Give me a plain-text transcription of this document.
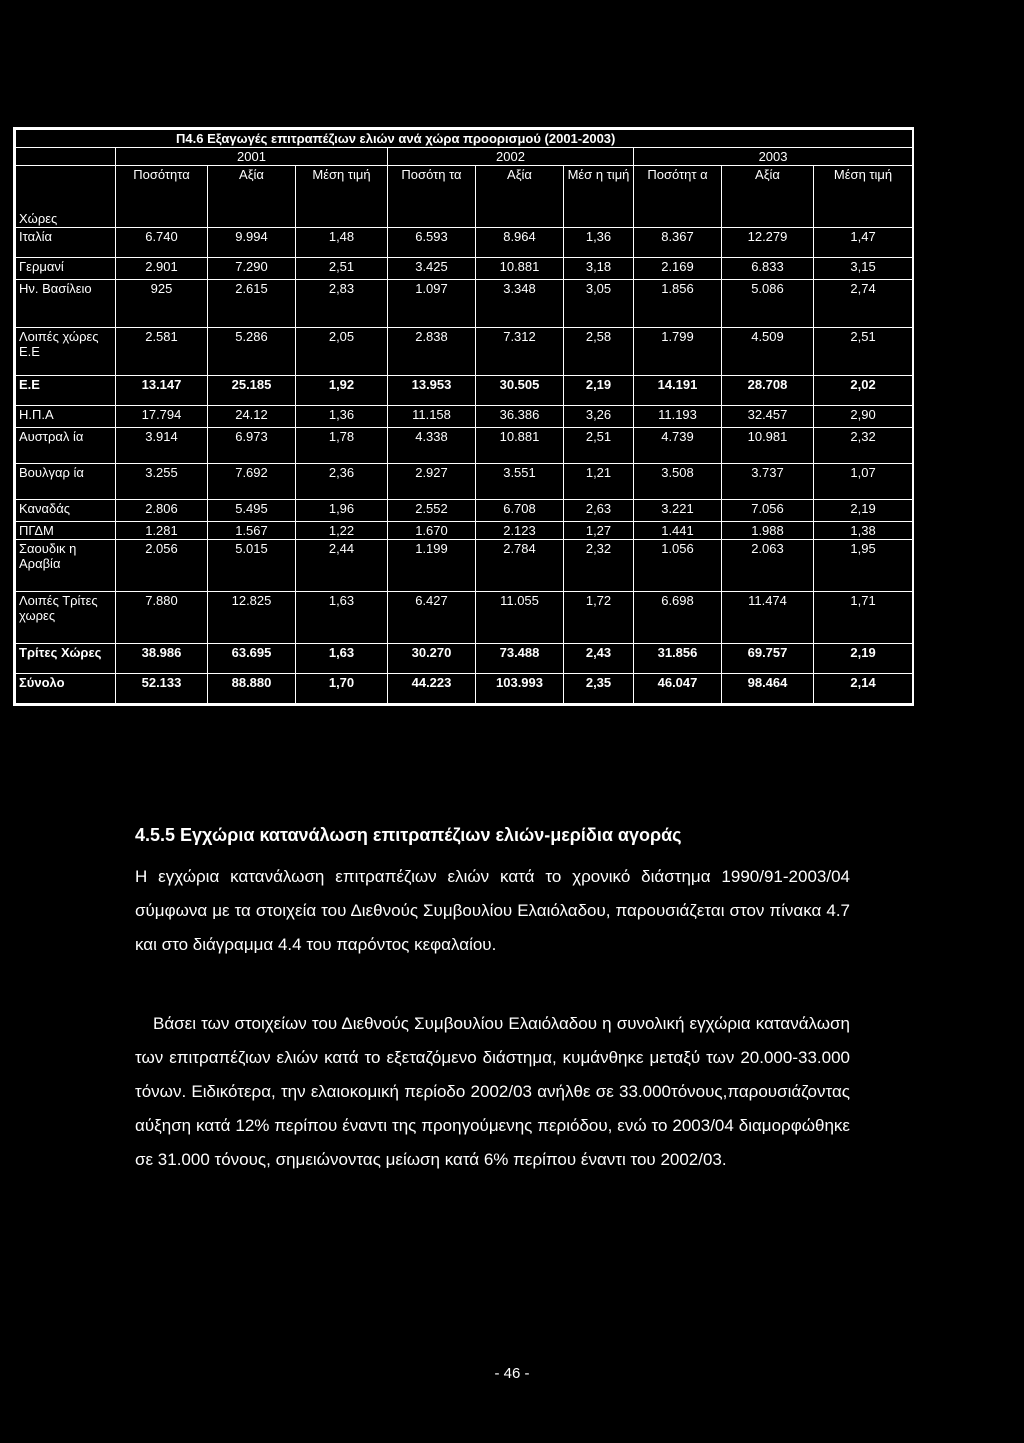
Π4.6 Εξαγωγές επιτραπέζιων ελιών ανά χώρα προορισμού (2001-2003)									
	2001			2002			2003		
Χώρες	Ποσότητα	Αξία	Μέση τιμή	Ποσότη τα	Αξία	Μέσ η τιμή	Ποσότητ α	Αξία	Μέση τιμή
Ιταλία	6.740	9.994	1,48	6.593	8.964	1,36	8.367	12.279	1,47
Γερμανί	2.901	7.290	2,51	3.425	10.881	3,18	2.169	6.833	3,15
Ην. Βασίλειο	925	2.615	2,83	1.097	3.348	3,05	1.856	5.086	2,74
Λοιπές χώρες Ε.Ε	2.581	5.286	2,05	2.838	7.312	2,58	1.799	4.509	2,51
Ε.Ε	13.147	25.185	1,92	13.953	30.505	2,19	14.191	28.708	2,02
Η.Π.Α	17.794	24.12	1,36	11.158	36.386	3,26	11.193	32.457	2,90
Αυστραλ ία	3.914	6.973	1,78	4.338	10.881	2,51	4.739	10.981	2,32
Βουλγαρ ία	3.255	7.692	2,36	2.927	3.551	1,21	3.508	3.737	1,07
Καναδάς	2.806	5.495	1,96	2.552	6.708	2,63	3.221	7.056	2,19
ΠΓΔΜ	1.281	1.567	1,22	1.670	2.123	1,27	1.441	1.988	1,38
Σαουδικ η Αραβία	2.056	5.015	2,44	1.199	2.784	2,32	1.056	2.063	1,95
Λοιπές Τρίτες χωρες	7.880	12.825	1,63	6.427	11.055	1,72	6.698	11.474	1,71
Τρίτες Χώρες	38.986	63.695	1,63	30.270	73.488	2,43	31.856	69.757	2,19
Σύνολο	52.133	88.880	1,70	44.223	103.993	2,35	46.047	98.464	2,14
4.5.5 Εγχώρια κατανάλωση επιτραπέζιων ελιών-μερίδια αγοράς
Η εγχώρια κατανάλωση επιτραπέζιων ελιών κατά το χρονικό διάστημα 1990/91-2003/04 σύμφωνα με τα στοιχεία του Διεθνούς Συμβουλίου Ελαιόλαδου, παρουσιάζεται στον πίνακα 4.7 και στο διάγραμμα 4.4 του παρόντος κεφαλαίου.
Βάσει των στοιχείων του Διεθνούς Συμβουλίου Ελαιόλαδου η συνολική εγχώρια κατανάλωση των επιτραπέζιων ελιών κατά το εξεταζόμενο διάστημα, κυμάνθηκε μεταξύ των 20.000-33.000 τόνων. Ειδικότερα, την ελαιοκομική περίοδο 2002/03 ανήλθε σε 33.000τόνους,παρουσιάζοντας αύξηση κατά 12% περίπου έναντι της προηγούμενης περιόδου, ενώ το 2003/04 διαμορφώθηκε σε 31.000 τόνους, σημειώνοντας μείωση κατά 6% περίπου έναντι του 2002/03.
- 46 -
